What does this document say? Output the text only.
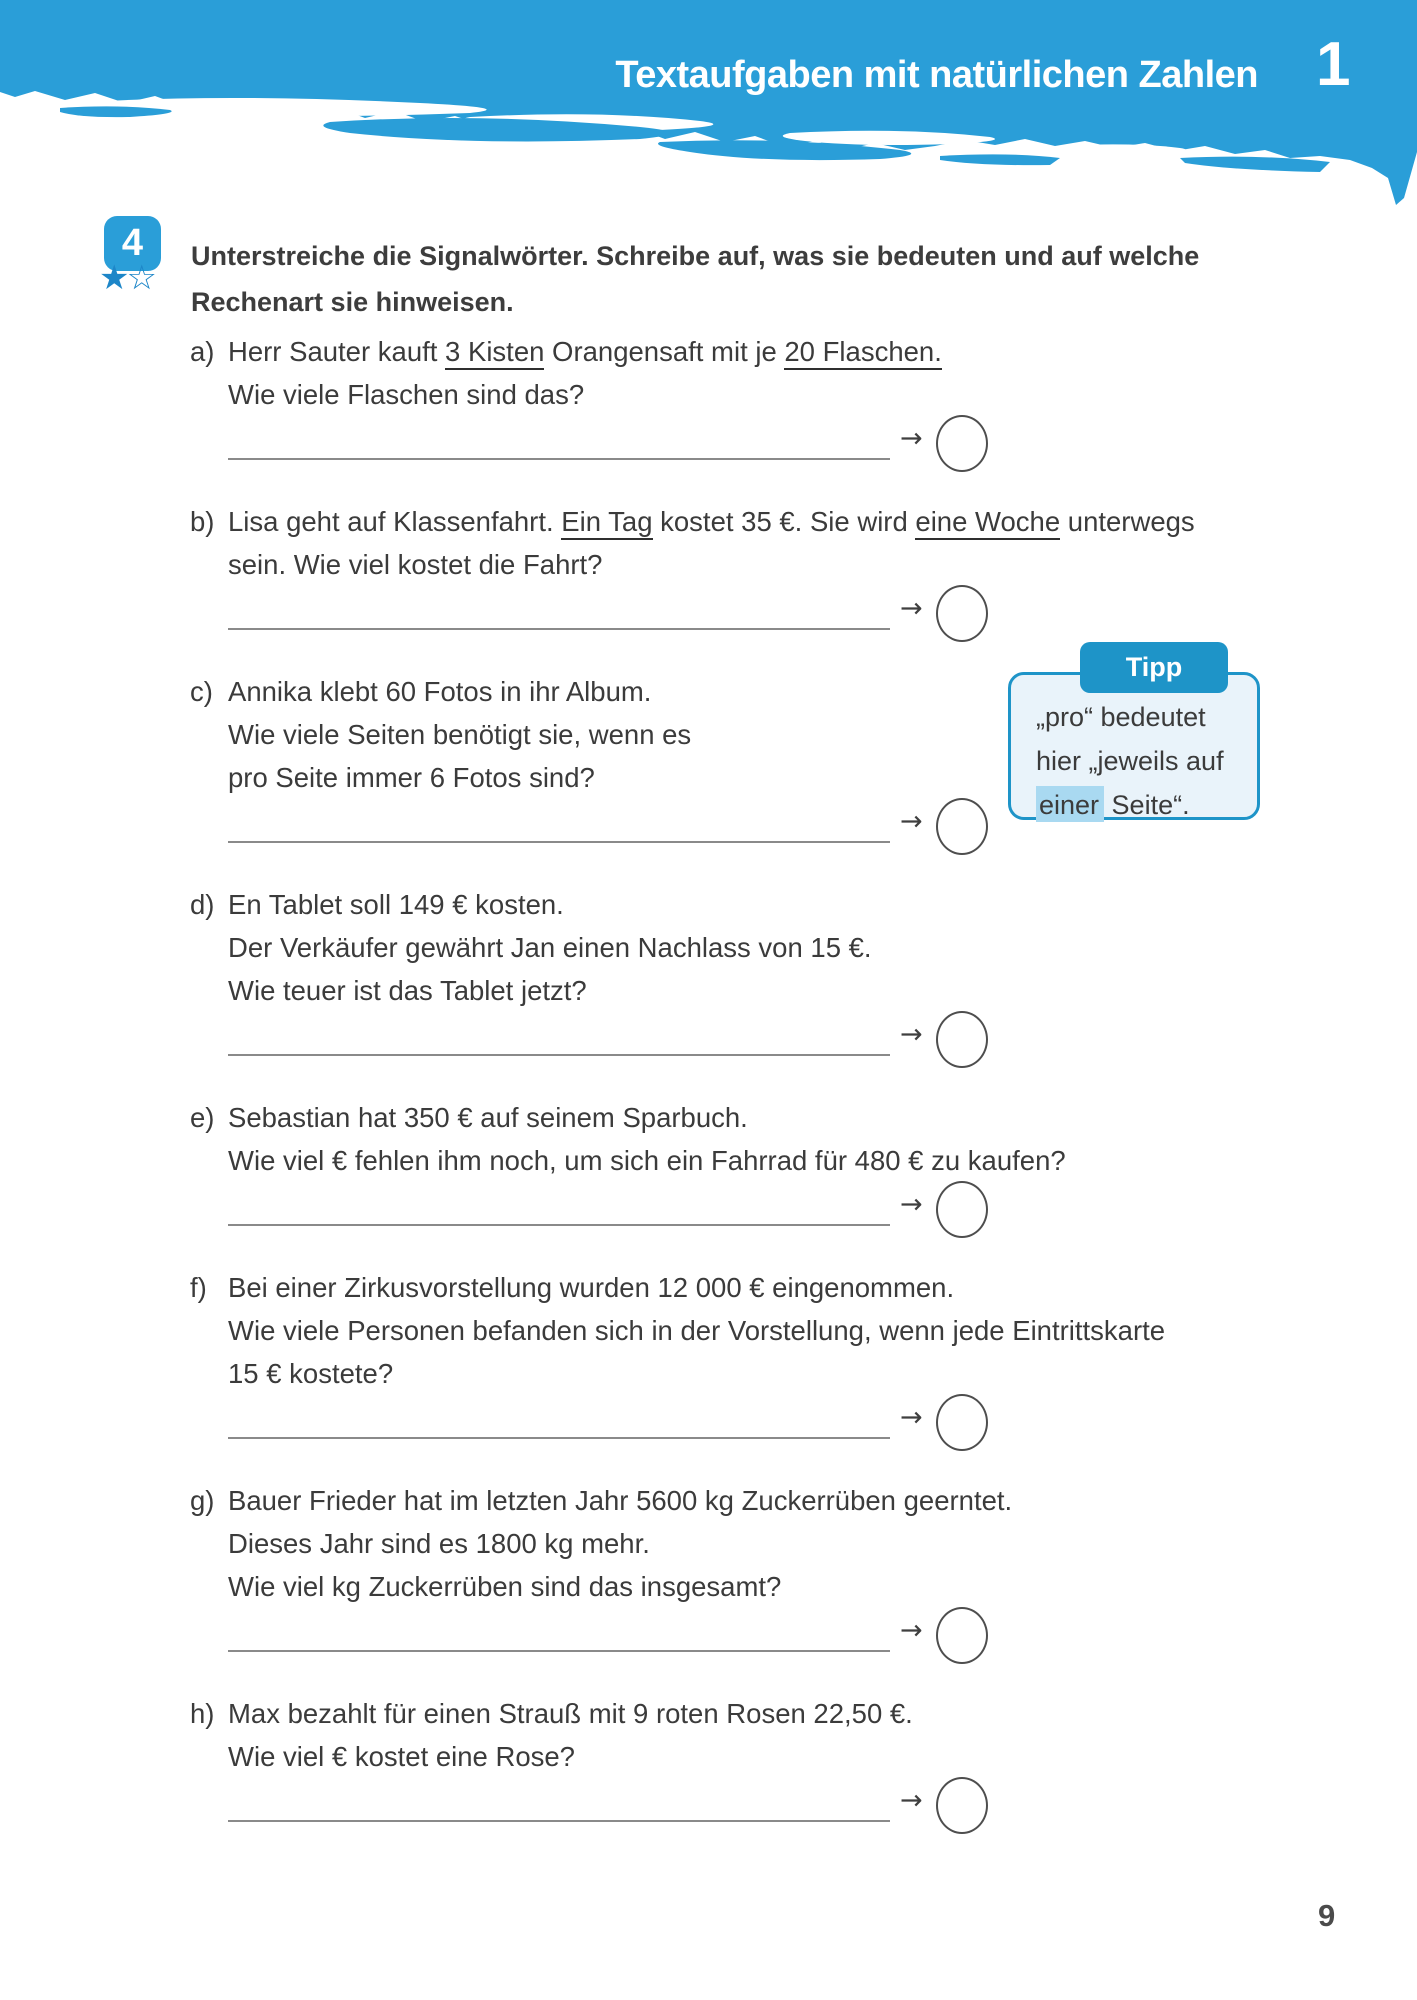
Textaufgaben mit natürlichen Zahlen 1
4
★☆
Unterstreiche die Signalwörter. Schreibe auf, was sie bedeuten und auf welche
Rechenart sie hinweisen.
a) Herr Sauter kauft 3 Kisten Orangensaft mit je 20 Flaschen.
Wie viele Flaschen sind das?
→
b) Lisa geht auf Klassenfahrt. Ein Tag kostet 35 €. Sie wird eine Woche unterwegs
sein. Wie viel kostet die Fahrt?
→
c) Annika klebt 60 Fotos in ihr Album.
Wie viele Seiten benötigt sie, wenn es
pro Seite immer 6 Fotos sind?
→
d) En Tablet soll 149 € kosten.
Der Verkäufer gewährt Jan einen Nachlass von 15 €.
Wie teuer ist das Tablet jetzt?
→
e) Sebastian hat 350 € auf seinem Sparbuch.
Wie viel € fehlen ihm noch, um sich ein Fahrrad für 480 € zu kaufen?
→
f) Bei einer Zirkusvorstellung wurden 12 000 € eingenommen.
Wie viele Personen befanden sich in der Vorstellung, wenn jede Eintrittskarte
15 € kostete?
→
g) Bauer Frieder hat im letzten Jahr 5600 kg Zuckerrüben geerntet.
Dieses Jahr sind es 1800 kg mehr.
Wie viel kg Zuckerrüben sind das insgesamt?
→
h) Max bezahlt für einen Strauß mit 9 roten Rosen 22,50 €.
Wie viel € kostet eine Rose?
→
Tipp
„pro“ bedeutet
hier „jeweils auf
einer Seite“.
9
